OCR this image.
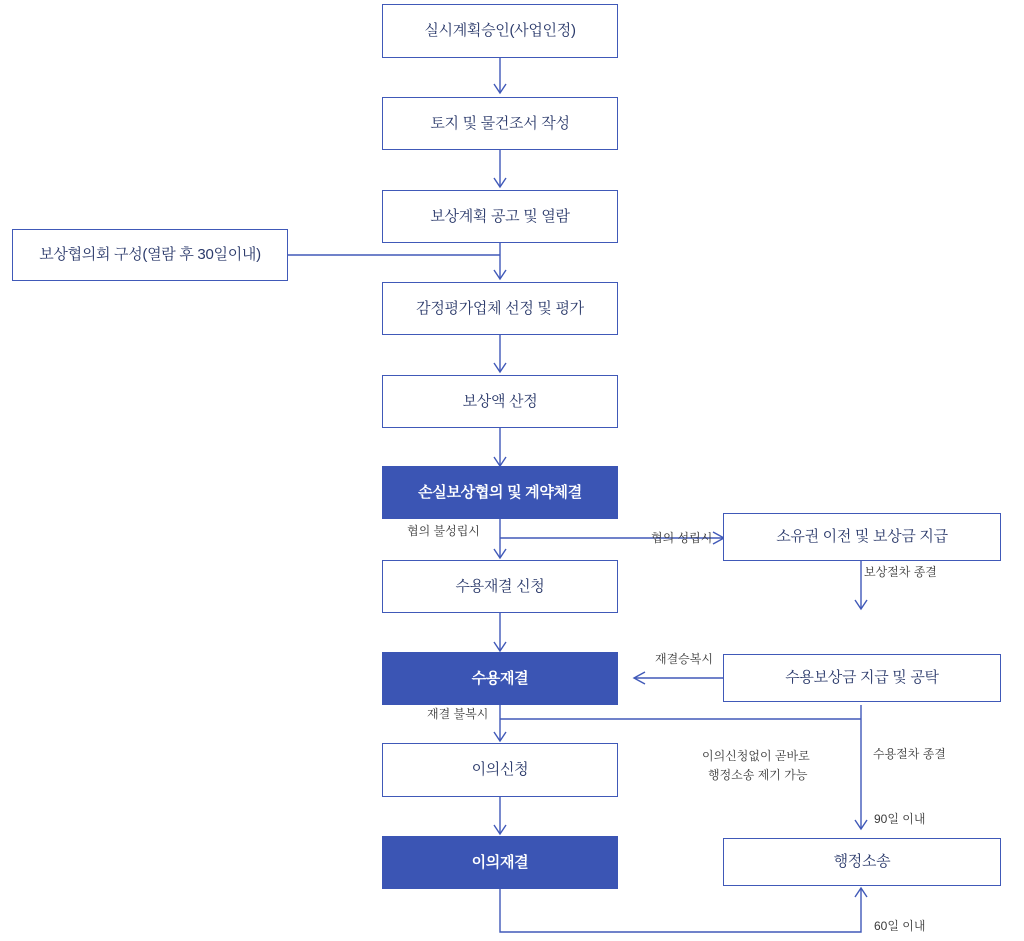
실시계획승인(사업인정)
토지 및 물건조서 작성
보상계획 공고 및 열람
보상협의회 구성(열람 후 30일이내)
감정평가업체 선정 및 평가
보상액 산정
손실보상협의 및 계약체결
소유권 이전 및 보상금 지급
수용재결 신청
수용재결	수용보상금 지급 및 공탁
이의신청
이의재결	행정소송
협의 성립시
협의 불성립시
보상절차 종결
재결승복시
재결 불복시
수용절차 종결
이의신청없이 곧바로
행정소송 제기 가능
90일 이내
60일 이내
